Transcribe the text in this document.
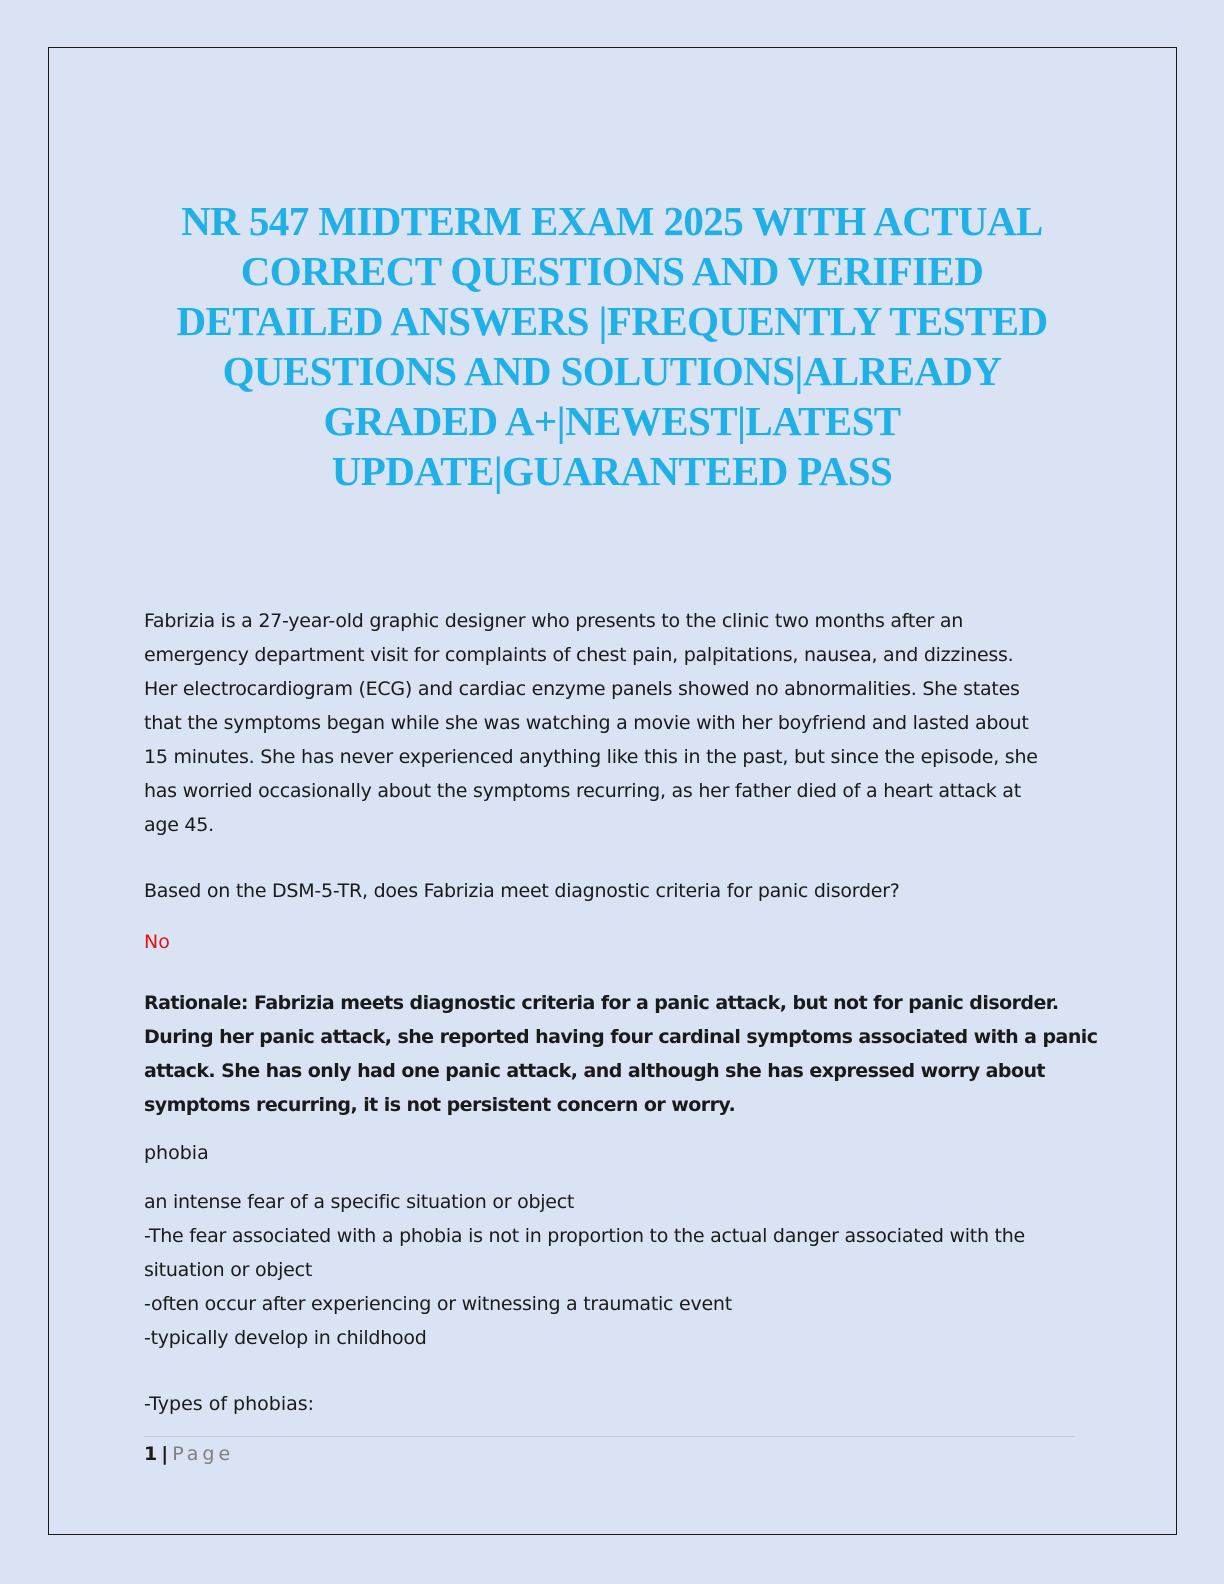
NR 547 MIDTERM EXAM 2025 WITH ACTUAL
CORRECT QUESTIONS AND VERIFIED
DETAILED ANSWERS |FREQUENTLY TESTED
QUESTIONS AND SOLUTIONS|ALREADY
GRADED A+|NEWEST|LATEST
UPDATE|GUARANTEED PASS

Fabrizia is a 27-year-old graphic designer who presents to the clinic two months after an
emergency department visit for complaints of chest pain, palpitations, nausea, and dizziness.
Her electrocardiogram (ECG) and cardiac enzyme panels showed no abnormalities. She states
that the symptoms began while she was watching a movie with her boyfriend and lasted about
15 minutes. She has never experienced anything like this in the past, but since the episode, she
has worried occasionally about the symptoms recurring, as her father died of a heart attack at
age 45.

Based on the DSM-5-TR, does Fabrizia meet diagnostic criteria for panic disorder?

No

Rationale: Fabrizia meets diagnostic criteria for a panic attack, but not for panic disorder.
During her panic attack, she reported having four cardinal symptoms associated with a panic
attack. She has only had one panic attack, and although she has expressed worry about
symptoms recurring, it is not persistent concern or worry.

phobia

an intense fear of a specific situation or object
-The fear associated with a phobia is not in proportion to the actual danger associated with the
situation or object
-often occur after experiencing or witnessing a traumatic event
-typically develop in childhood

-Types of phobias:

1 | Page
